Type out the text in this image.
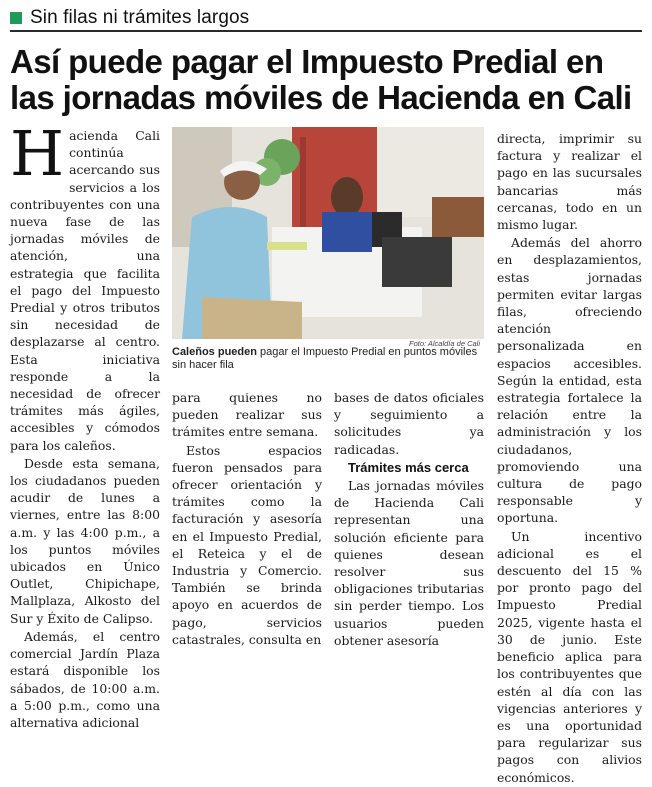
Sin filas ni trámites largos
Así puede pagar el Impuesto Predial en las jornadas móviles de Hacienda en Cali

Hacienda Cali continúa acercando sus servicios a los contribuyentes con una nueva fase de las jornadas móviles de atención, una estrategia que facilita el pago del Impuesto Predial y otros tributos sin necesidad de desplazarse al centro. Esta iniciativa responde a la necesidad de ofrecer trámites más ágiles, accesibles y cómodos para los caleños.

Desde esta semana, los ciudadanos pueden acudir de lunes a viernes, entre las 8:00 a.m. y las 4:00 p.m., a los puntos móviles ubicados en Único Outlet, Chipichape, Mallplaza, Alkosto del Sur y Éxito de Calipso.

Además, el centro comercial Jardín Plaza estará disponible los sábados, de 10:00 a.m. a 5:00 p.m., como una alternativa adicional

Foto: Alcaldía de Cali
Caleños pueden pagar el Impuesto Predial en puntos móviles sin hacer fila

para quienes no pueden realizar sus trámites entre semana.

Estos espacios fueron pensados para ofrecer orientación y trámites como la facturación y asesoría en el Impuesto Predial, el Reteica y el de Industria y Comercio. También se brinda apoyo en acuerdos de pago, servicios catastrales, consulta en

bases de datos oficiales y seguimiento a solicitudes ya radicadas.

Trámites más cerca

Las jornadas móviles de Hacienda Cali representan una solución eficiente para quienes desean resolver sus obligaciones tributarias sin perder tiempo. Los usuarios pueden obtener asesoría

directa, imprimir su factura y realizar el pago en las sucursales bancarias más cercanas, todo en un mismo lugar.

Además del ahorro en desplazamientos, estas jornadas permiten evitar largas filas, ofreciendo atención personalizada en espacios accesibles. Según la entidad, esta estrategia fortalece la relación entre la administración y los ciudadanos, promoviendo una cultura de pago responsable y oportuna.

Un incentivo adicional es el descuento del 15 % por pronto pago del Impuesto Predial 2025, vigente hasta el 30 de junio. Este beneficio aplica para los contribuyentes que estén al día con las vigencias anteriores y es una oportunidad para regularizar sus pagos con alivios económicos.
